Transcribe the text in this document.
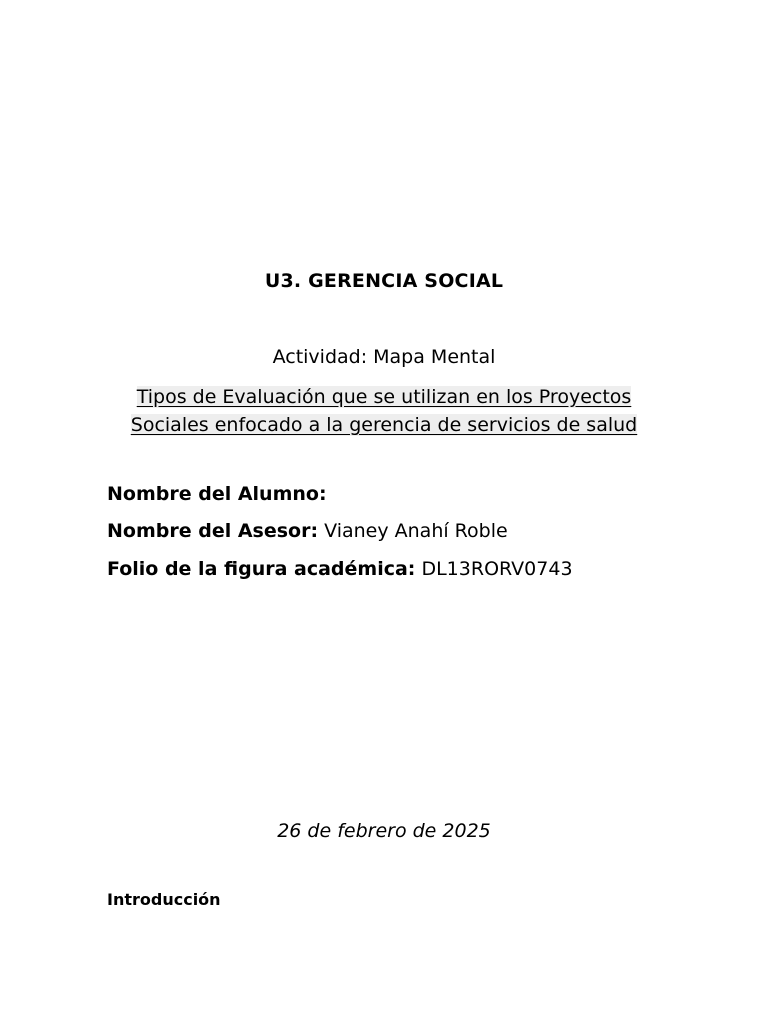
U3. GERENCIA SOCIAL
Actividad: Mapa Mental
Tipos de Evaluación que se utilizan en los Proyectos
Sociales enfocado a la gerencia de servicios de salud
Nombre del Alumno:
Nombre del Asesor: Vianey Anahí Roble
Folio de la figura académica: DL13RORV0743
26 de febrero de 2025
Introducción
